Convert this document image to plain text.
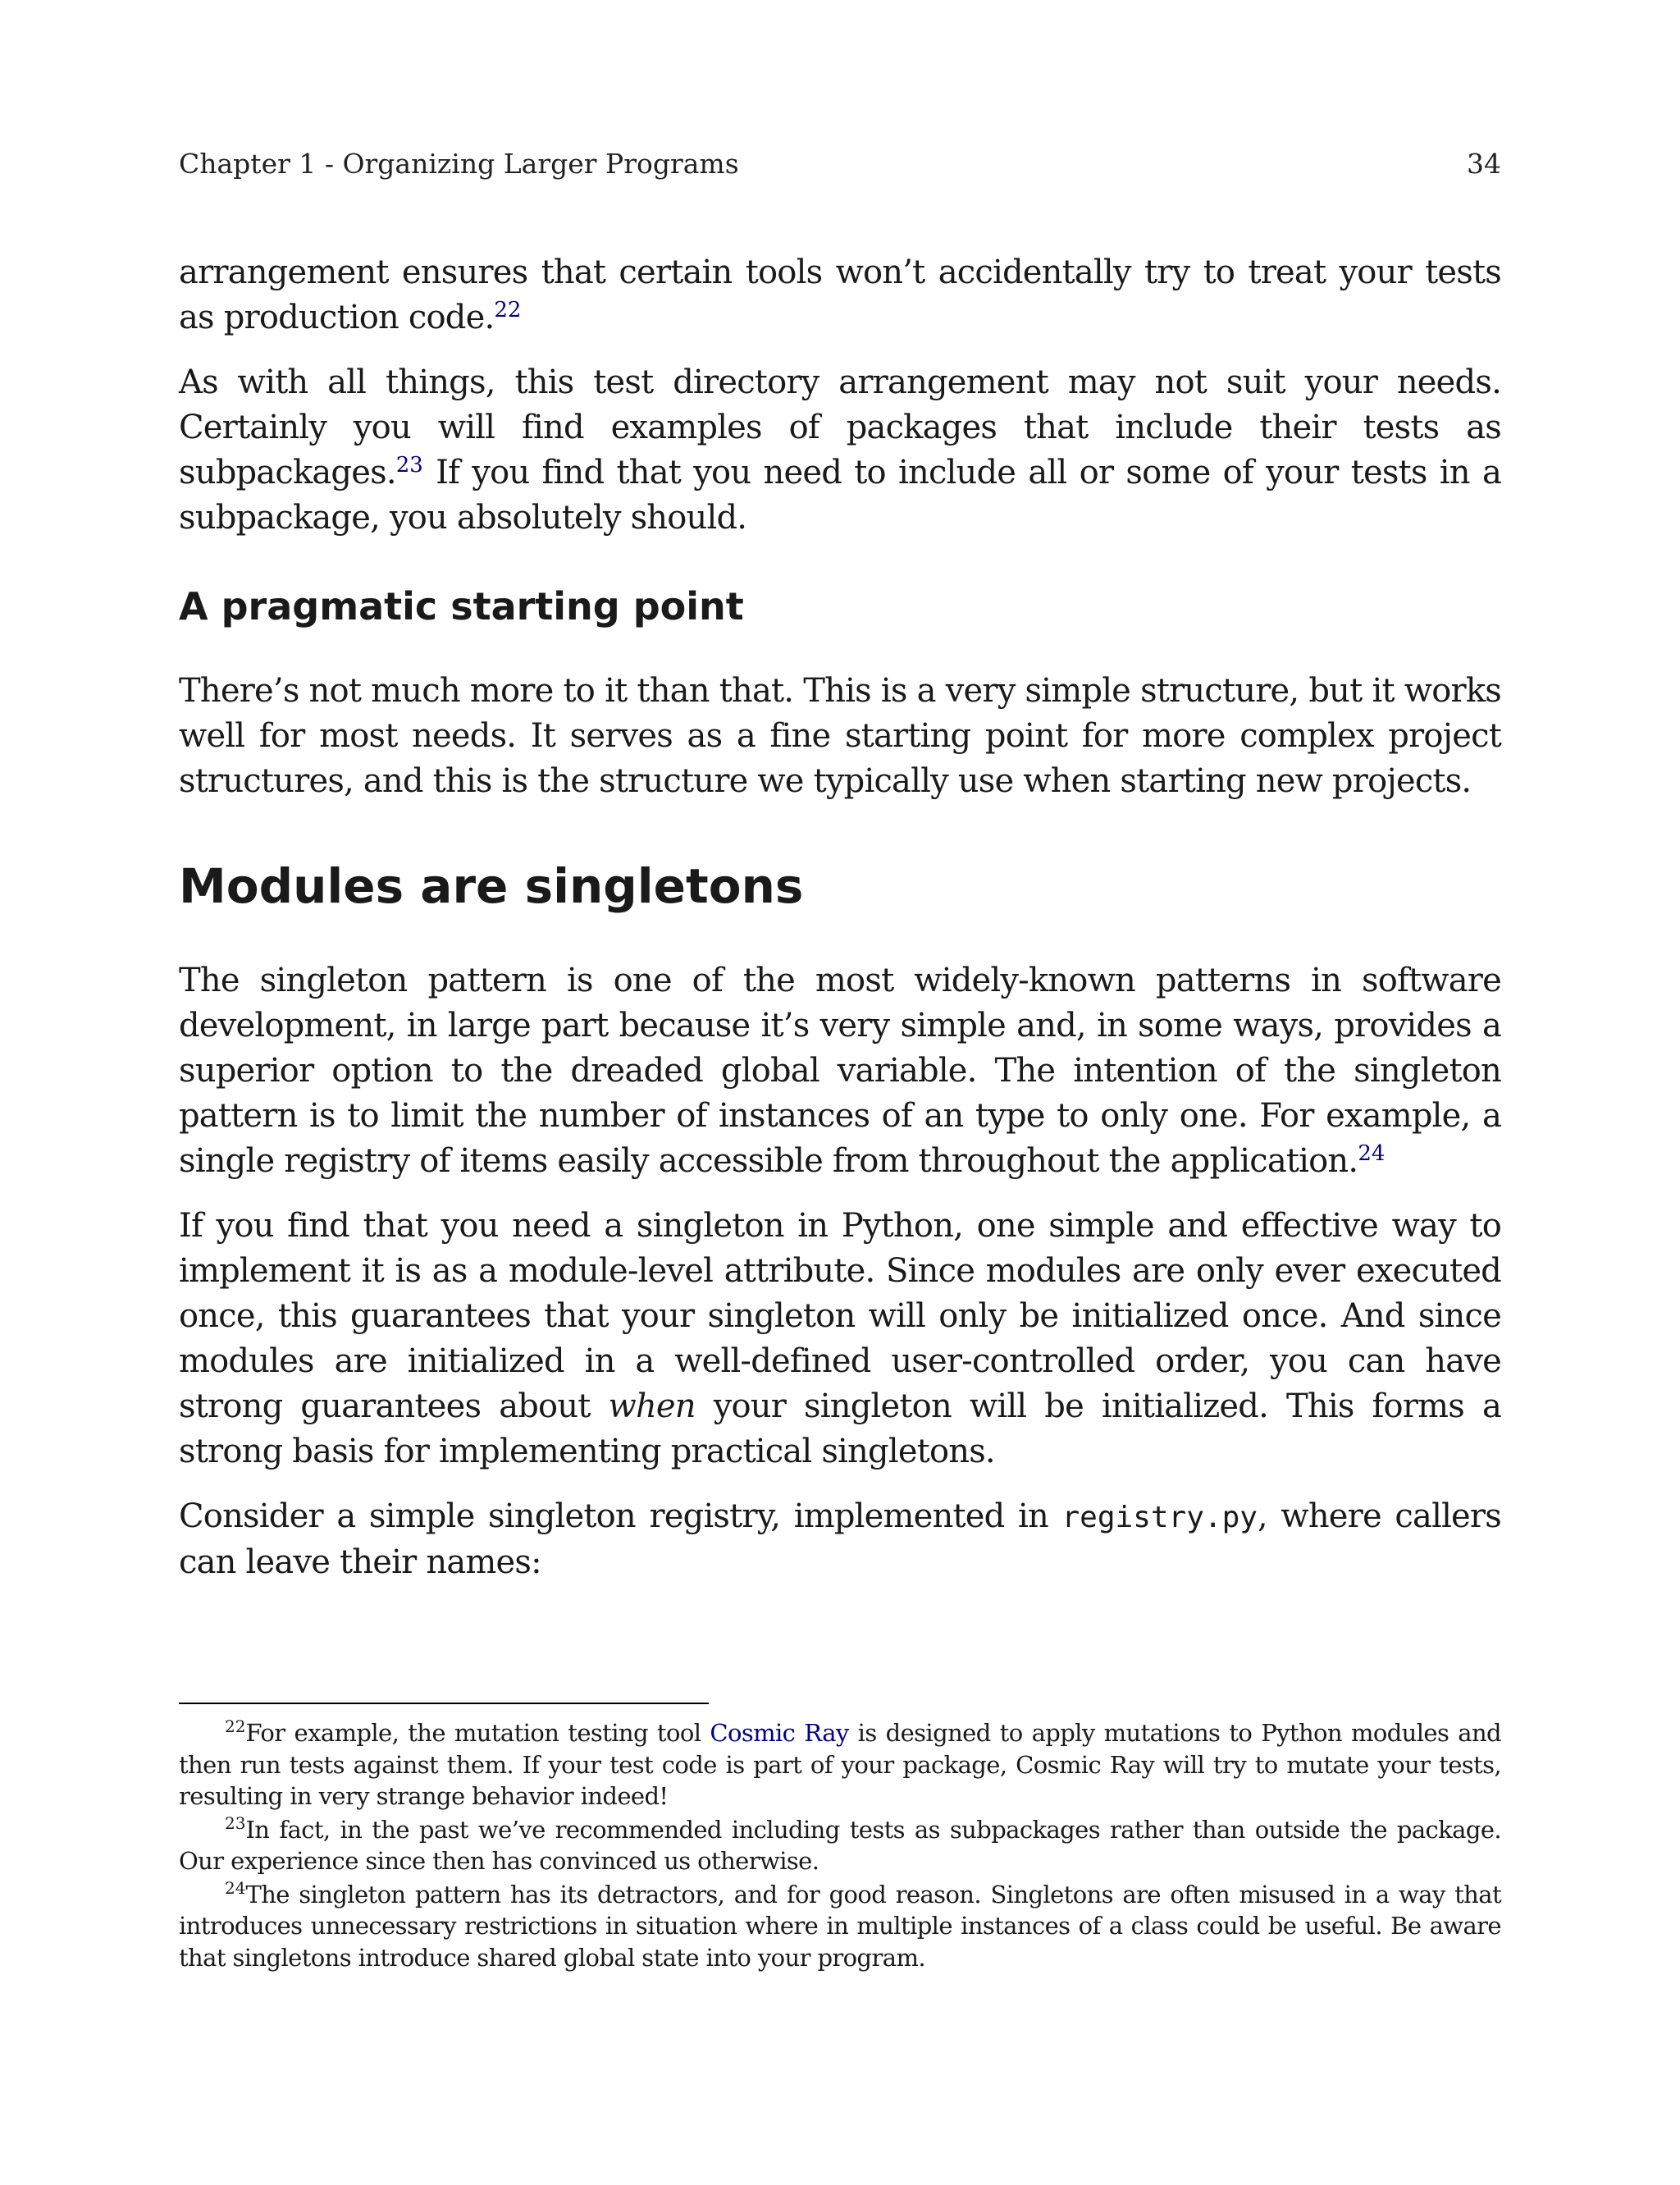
Chapter 1 - Organizing Larger Programs	34

arrangement ensures that certain tools won’t accidentally try to treat your tests as production code.$^{22}$

As with all things, this test directory arrangement may not suit your needs. Certainly you will find examples of packages that include their tests as subpackages.$^{23}$ If you find that you need to include all or some of your tests in a subpackage, you absolutely should.

A pragmatic starting point

There’s not much more to it than that. This is a very simple structure, but it works well for most needs. It serves as a fine starting point for more complex project structures, and this is the structure we typically use when starting new projects.

Modules are singletons

The singleton pattern is one of the most widely-known patterns in software development, in large part because it’s very simple and, in some ways, provides a superior option to the dreaded global variable. The intention of the singleton pattern is to limit the number of instances of an type to only one. For example, a single registry of items easily accessible from throughout the application.$^{24}$

If you find that you need a singleton in Python, one simple and effective way to implement it is as a module-level attribute. Since modules are only ever executed once, this guarantees that your singleton will only be initialized once. And since modules are initialized in a well-defined user-controlled order, you can have strong guarantees about when your singleton will be initialized. This forms a strong basis for implementing practical singletons.

Consider a simple singleton registry, implemented in registry.py, where callers can leave their names:

$^{22}$For example, the mutation testing tool Cosmic Ray is designed to apply mutations to Python modules and then run tests against them. If your test code is part of your package, Cosmic Ray will try to mutate your tests, resulting in very strange behavior indeed!

$^{23}$In fact, in the past we’ve recommended including tests as subpackages rather than outside the package. Our experience since then has convinced us otherwise.

$^{24}$The singleton pattern has its detractors, and for good reason. Singletons are often misused in a way that introduces unnecessary restrictions in situation where in multiple instances of a class could be useful. Be aware that singletons introduce shared global state into your program.
